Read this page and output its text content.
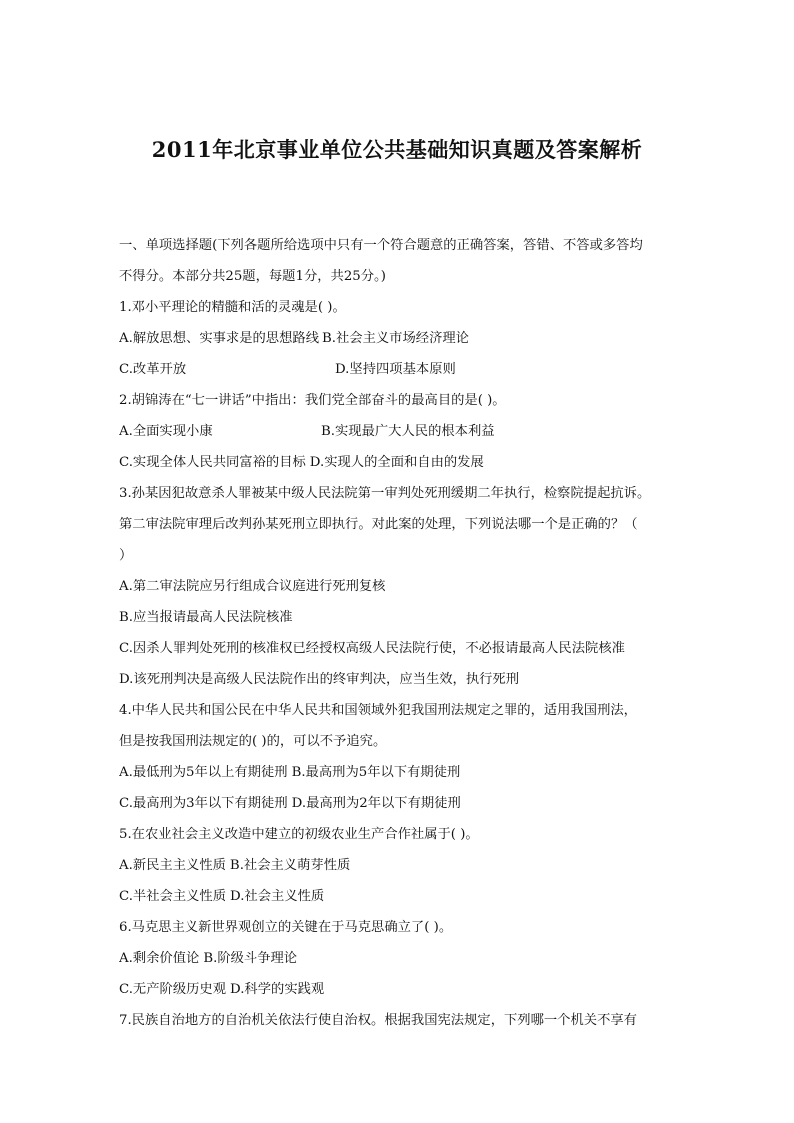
2011年北京事业单位公共基础知识真题及答案解析
一、单项选择题(下列各题所给选项中只有一个符合题意的正确答案，答错、不答或多答均
不得分。本部分共25题，每题1分，共25分。)
1.邓小平理论的精髓和活的灵魂是( )。
A.解放思想、实事求是的思想路线 B.社会主义市场经济理论
C.改革开放	D.坚持四项基本原则
2.胡锦涛在“七一讲话”中指出：我们党全部奋斗的最高目的是( )。
A.全面实现小康	B.实现最广大人民的根本利益
C.实现全体人民共同富裕的目标 D.实现人的全面和自由的发展
3.孙某因犯故意杀人罪被某中级人民法院第一审判处死刑缓期二年执行，检察院提起抗诉。
第二审法院审理后改判孙某死刑立即执行。对此案的处理，下列说法哪一个是正确的？（
）
A.第二审法院应另行组成合议庭进行死刑复核
B.应当报请最高人民法院核准
C.因杀人罪判处死刑的核准权已经授权高级人民法院行使，不必报请最高人民法院核准
D.该死刑判决是高级人民法院作出的终审判决，应当生效，执行死刑
4.中华人民共和国公民在中华人民共和国领域外犯我国刑法规定之罪的，适用我国刑法，
但是按我国刑法规定的( )的，可以不予追究。
A.最低刑为5年以上有期徒刑 B.最高刑为5年以下有期徒刑
C.最高刑为3年以下有期徒刑 D.最高刑为2年以下有期徒刑
5.在农业社会主义改造中建立的初级农业生产合作社属于( )。
A.新民主主义性质 B.社会主义萌芽性质
C.半社会主义性质 D.社会主义性质
6.马克思主义新世界观创立的关键在于马克思确立了( )。
A.剩余价值论 B.阶级斗争理论
C.无产阶级历史观 D.科学的实践观
7.民族自治地方的自治机关依法行使自治权。根据我国宪法规定，下列哪一个机关不享有
